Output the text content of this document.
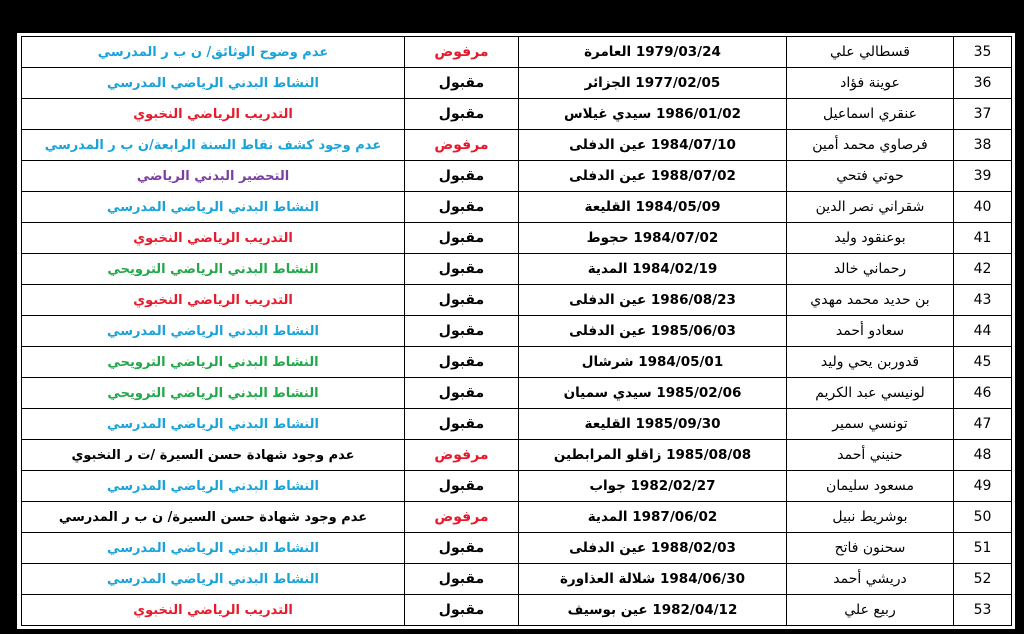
35	قسطالي علي	1979/03/24 العامرة	مرفوض	عدم وضوح الوثائق/ ن ب ر المدرسي
36	عوينة فؤاد	1977/02/05 الجزائر	مقبول	النشاط البدني الرياضي المدرسي
37	عنقري اسماعيل	1986/01/02 سيدي غيلاس	مقبول	التدريب الرياضي النخبوي
38	فرصاوي محمد أمين	1984/07/10 عين الدفلى	مرفوض	عدم وجود كشف نقاط السنة الرابعة/ن ب ر المدرسي
39	حوتي فتحي	1988/07/02 عين الدفلى	مقبول	التحضير البدني الرياضي
40	شقراني نصر الدين	1984/05/09 القليعة	مقبول	النشاط البدني الرياضي المدرسي
41	بوعنقود وليد	1984/07/02 حجوط	مقبول	التدريب الرياضي النخبوي
42	رحماني خالد	1984/02/19 المدية	مقبول	النشاط البدني الرياضي الترويحي
43	بن حديد محمد مهدي	1986/08/23 عين الدفلى	مقبول	التدريب الرياضي النخبوي
44	سعادو أحمد	1985/06/03 عين الدفلى	مقبول	النشاط البدني الرياضي المدرسي
45	قدوربن يحي وليد	1984/05/01 شرشال	مقبول	النشاط البدني الرياضي الترويحي
46	لونيسي عبد الكريم	1985/02/06 سيدي سميان	مقبول	النشاط البدني الرياضي الترويحي
47	تونسي سمير	1985/09/30 القليعة	مقبول	النشاط البدني الرياضي المدرسي
48	حنيني أحمد	1985/08/08 زاقلو المرابطين	مرفوض	عدم وجود شهادة حسن السيرة /ت ر النخبوي
49	مسعود سليمان	1982/02/27 جواب	مقبول	النشاط البدني الرياضي المدرسي
50	بوشريط نبيل	1987/06/02 المدية	مرفوض	عدم وجود شهادة حسن السيرة/ ن ب ر المدرسي
51	سحنون فاتح	1988/02/03 عين الدفلى	مقبول	النشاط البدني الرياضي المدرسي
52	دريشي أحمد	1984/06/30 شلالة العذاورة	مقبول	النشاط البدني الرياضي المدرسي
53	ربيع علي	1982/04/12 عين بوسيف	مقبول	التدريب الرياضي النخبوي
